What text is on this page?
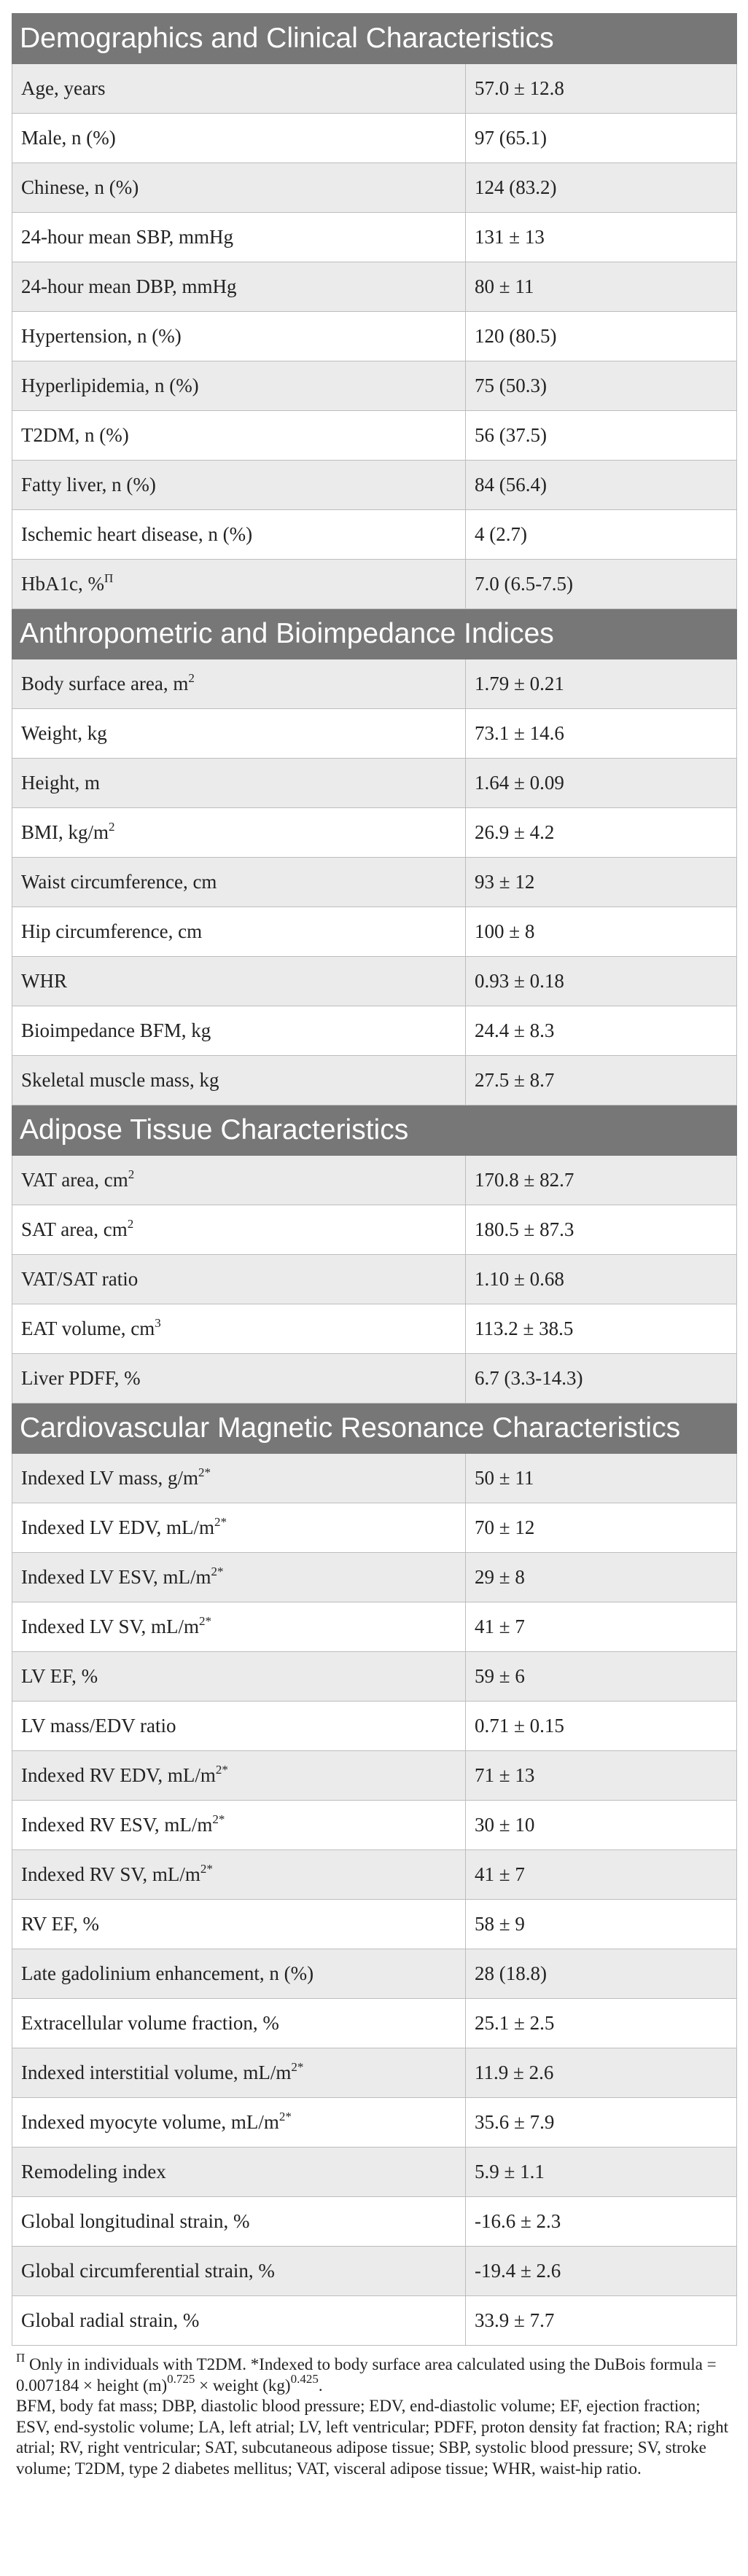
Demographics and Clinical Characteristics	
Age, years	57.0 ± 12.8
Male, n (%)	97 (65.1)
Chinese, n (%)	124 (83.2)
24-hour mean SBP, mmHg	131 ± 13
24-hour mean DBP, mmHg	80 ± 11
Hypertension, n (%)	120 (80.5)
Hyperlipidemia, n (%)	75 (50.3)
T2DM, n (%)	56 (37.5)
Fatty liver, n (%)	84 (56.4)
Ischemic heart disease, n (%)	4 (2.7)
HbA1c, %$^\Pi$	7.0 (6.5-7.5)
Anthropometric and Bioimpedance Indices	
Body surface area, $m^2$	1.79 ± 0.21
Weight, kg	73.1 ± 14.6
Height, m	1.64 ± 0.09
BMI, $kg/m^2$	26.9 ± 4.2
Waist circumference, cm	93 ± 12
Hip circumference, cm	100 ± 8
WHR	0.93 ± 0.18
Bioimpedance BFM, kg	24.4 ± 8.3
Skeletal muscle mass, kg	27.5 ± 8.7
Adipose Tissue Characteristics	
VAT area, $cm^2$	170.8 ± 82.7
SAT area, $cm^2$	180.5 ± 87.3
VAT/SAT ratio	1.10 ± 0.68
EAT volume, $cm^3$	113.2 ± 38.5
Liver PDFF, %	6.7 (3.3-14.3)
Cardiovascular Magnetic Resonance Characteristics	
Indexed LV mass, $g/m^{2*}$	50 ± 11
Indexed LV EDV, $mL/m^{2*}$	70 ± 12
Indexed LV ESV, $mL/m^{2*}$	29 ± 8
Indexed LV SV, $mL/m^{2*}$	41 ± 7
LV EF, %	59 ± 6
LV mass/EDV ratio	0.71 ± 0.15
Indexed RV EDV, $mL/m^{2*}$	71 ± 13
Indexed RV ESV, $mL/m^{2*}$	30 ± 10
Indexed RV SV, $mL/m^{2*}$	41 ± 7
RV EF, %	58 ± 9
Late gadolinium enhancement, n (%)	28 (18.8)
Extracellular volume fraction, %	25.1 ± 2.5
Indexed interstitial volume, $mL/m^{2*}$	11.9 ± 2.6
Indexed myocyte volume, $mL/m^{2*}$	35.6 ± 7.9
Remodeling index	5.9 ± 1.1
Global longitudinal strain, %	-16.6 ± 2.3
Global circumferential strain, %	-19.4 ± 2.6
Global radial strain, %	33.9 ± 7.7

$^\Pi$ Only in individuals with T2DM. *Indexed to body surface area calculated using the DuBois formula = 0.007184 × height $(m)^{0.725}$ × weight (kg)$^{0.425}$.

BFM, body fat mass; DBP, diastolic blood pressure; EDV, end-diastolic volume; EF, ejection fraction; ESV, end-systolic volume; LA, left atrial; LV, left ventricular; PDFF, proton density fat fraction; RA; right atrial; RV, right ventricular; SAT, subcutaneous adipose tissue; SBP, systolic blood pressure; SV, stroke volume; T2DM, type 2 diabetes mellitus; VAT, visceral adipose tissue; WHR, waist-hip ratio.
